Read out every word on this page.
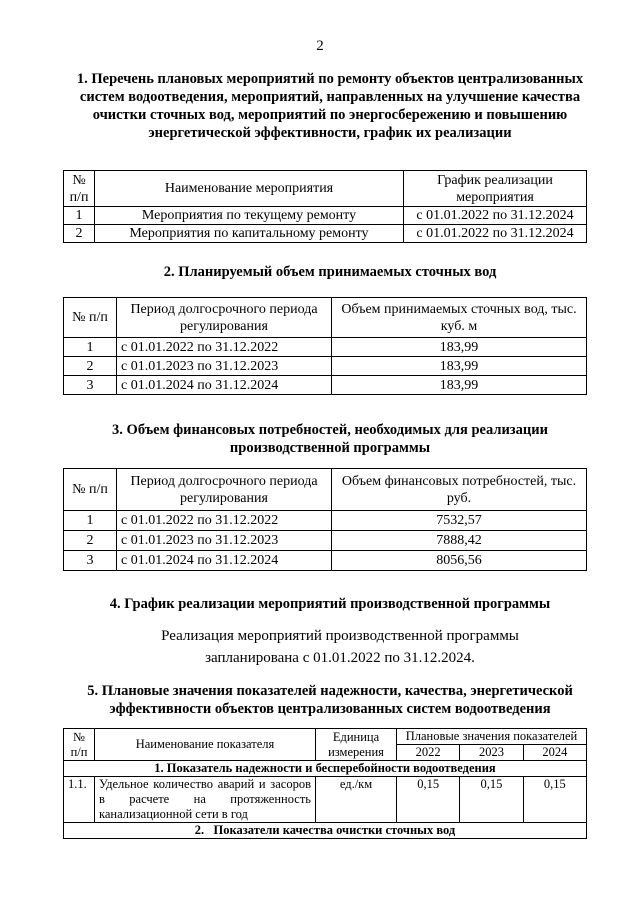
2
1. Перечень плановых мероприятий по ремонту объектов централизованных систем водоотведения, мероприятий, направленных на улучшение качества очистки сточных вод, мероприятий по энергосбережению и повышению энергетической эффективности, график их реализации
№ п/п	Наименование мероприятия	График реализации мероприятия
1	Мероприятия по текущему ремонту	с 01.01.2022 по 31.12.2024
2	Мероприятия по капитальному ремонту	с 01.01.2022 по 31.12.2024
2. Планируемый объем принимаемых сточных вод
№ п/п	Период долгосрочного периода регулирования	Объем принимаемых сточных вод, тыс. куб. м
1	с 01.01.2022 по 31.12.2022	183,99
2	с 01.01.2023 по 31.12.2023	183,99
3	с 01.01.2024 по 31.12.2024	183,99
3. Объем финансовых потребностей, необходимых для реализации производственной программы
№ п/п	Период долгосрочного периода регулирования	Объем финансовых потребностей, тыс. руб.
1	с 01.01.2022 по 31.12.2022	7532,57
2	с 01.01.2023 по 31.12.2023	7888,42
3	с 01.01.2024 по 31.12.2024	8056,56
4. График реализации мероприятий производственной программы
Реализация мероприятий производственной программы
запланирована с 01.01.2022 по 31.12.2024.
5. Плановые значения показателей надежности, качества, энергетической эффективности объектов централизованных систем водоотведения
№ п/п	Наименование показателя	Единица измерения	Плановые значения показателей		
			2022	2023	2024
1. Показатель надежности и бесперебойности водоотведения					
1.1.	Удельное количество аварий и засоров в расчете на протяженность канализационной сети в год	ед./км	0,15	0,15	0,15
2.   Показатели качества очистки сточных вод					
